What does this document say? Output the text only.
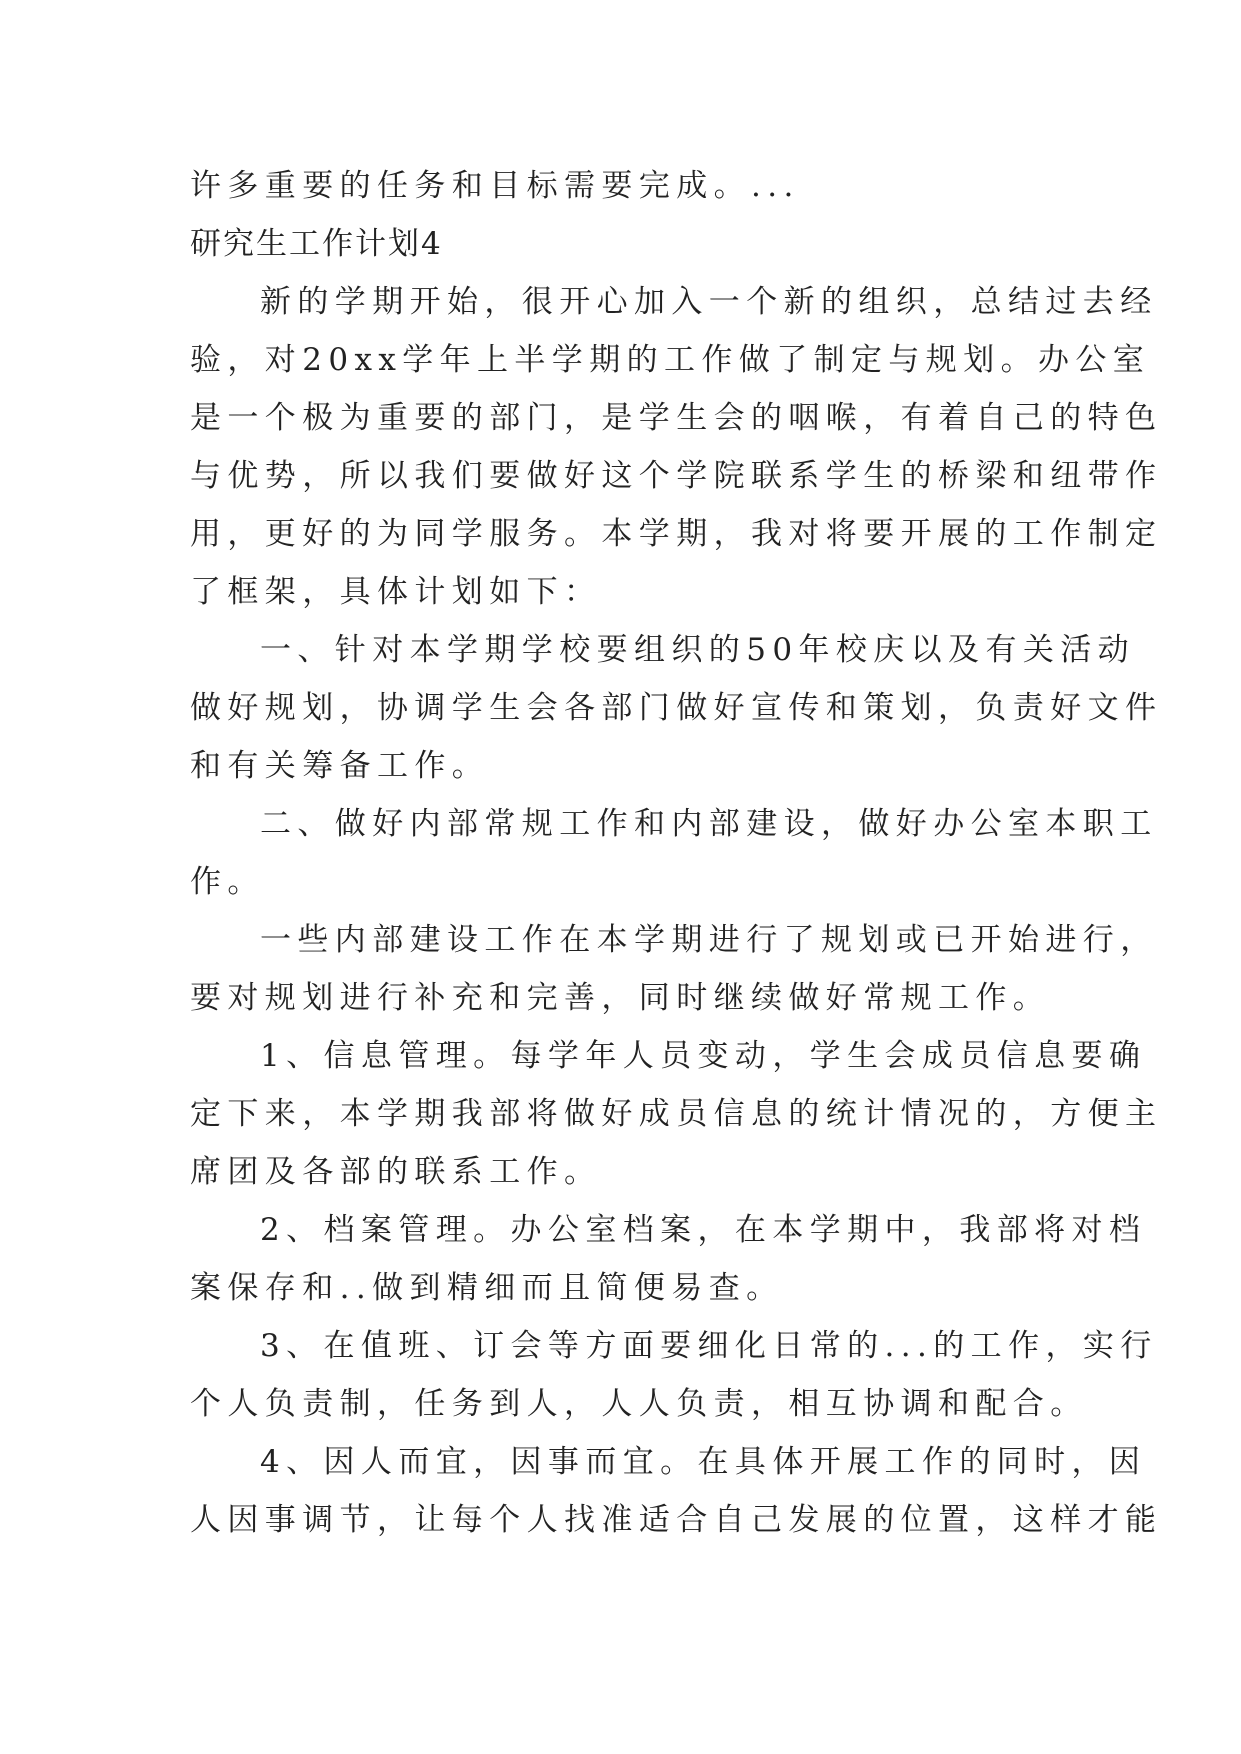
许多重要的任务和目标需要完成。...
研究生工作计划4
新的学期开始，很开心加入一个新的组织，总结过去经
验，对20xx学年上半学期的工作做了制定与规划。办公室
是一个极为重要的部门，是学生会的咽喉，有着自己的特色
与优势，所以我们要做好这个学院联系学生的桥梁和纽带作
用，更好的为同学服务。本学期，我对将要开展的工作制定
了框架，具体计划如下：
一、针对本学期学校要组织的50年校庆以及有关活动
做好规划，协调学生会各部门做好宣传和策划，负责好文件
和有关筹备工作。
二、做好内部常规工作和内部建设，做好办公室本职工
作。
一些内部建设工作在本学期进行了规划或已开始进行，
要对规划进行补充和完善，同时继续做好常规工作。
1、信息管理。每学年人员变动，学生会成员信息要确
定下来，本学期我部将做好成员信息的统计情况的，方便主
席团及各部的联系工作。
2、档案管理。办公室档案，在本学期中，我部将对档
案保存和..做到精细而且简便易查。
3、在值班、订会等方面要细化日常的...的工作，实行
个人负责制，任务到人，人人负责，相互协调和配合。
4、因人而宜，因事而宜。在具体开展工作的同时，因
人因事调节，让每个人找准适合自己发展的位置，这样才能
